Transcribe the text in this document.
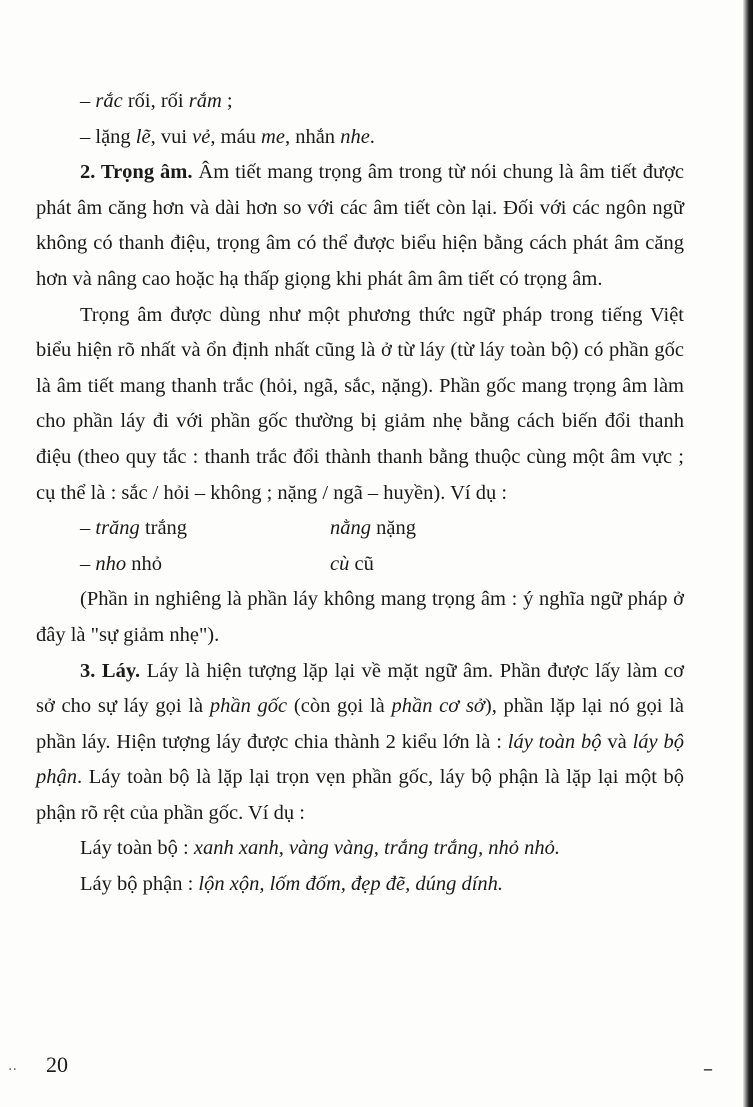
– rắc rối, rối rắm ;
– lặng lẽ, vui vẻ, máu me, nhắn nhe.

2. Trọng âm. Âm tiết mang trọng âm trong từ nói chung là âm tiết được phát âm căng hơn và dài hơn so với các âm tiết còn lại. Đối với các ngôn ngữ không có thanh điệu, trọng âm có thể được biểu hiện bằng cách phát âm căng hơn và nâng cao hoặc hạ thấp giọng khi phát âm âm tiết có trọng âm.

Trọng âm được dùng như một phương thức ngữ pháp trong tiếng Việt biểu hiện rõ nhất và ổn định nhất cũng là ở từ láy (từ láy toàn bộ) có phần gốc là âm tiết mang thanh trắc (hỏi, ngã, sắc, nặng). Phần gốc mang trọng âm làm cho phần láy đi với phần gốc thường bị giảm nhẹ bằng cách biến đổi thanh điệu (theo quy tắc : thanh trắc đổi thành thanh bằng thuộc cùng một âm vực ; cụ thể là : sắc / hỏi – không ; nặng / ngã – huyền). Ví dụ :

– trăng trắng	nằng nặng
– nho nhỏ	cù cũ

(Phần in nghiêng là phần láy không mang trọng âm : ý nghĩa ngữ pháp ở đây là "sự giảm nhẹ").

3. Láy. Láy là hiện tượng lặp lại về mặt ngữ âm. Phần được lấy làm cơ sở cho sự láy gọi là phần gốc (còn gọi là phần cơ sở), phần lặp lại nó gọi là phần láy. Hiện tượng láy được chia thành 2 kiểu lớn là : láy toàn bộ và láy bộ phận. Láy toàn bộ là lặp lại trọn vẹn phần gốc, láy bộ phận là lặp lại một bộ phận rõ rệt của phần gốc. Ví dụ :

Láy toàn bộ : xanh xanh, vàng vàng, trắng trắng, nhỏ nhỏ.
Láy bộ phận : lộn xộn, lốm đốm, đẹp đẽ, dúng dính.
.. 20	–
